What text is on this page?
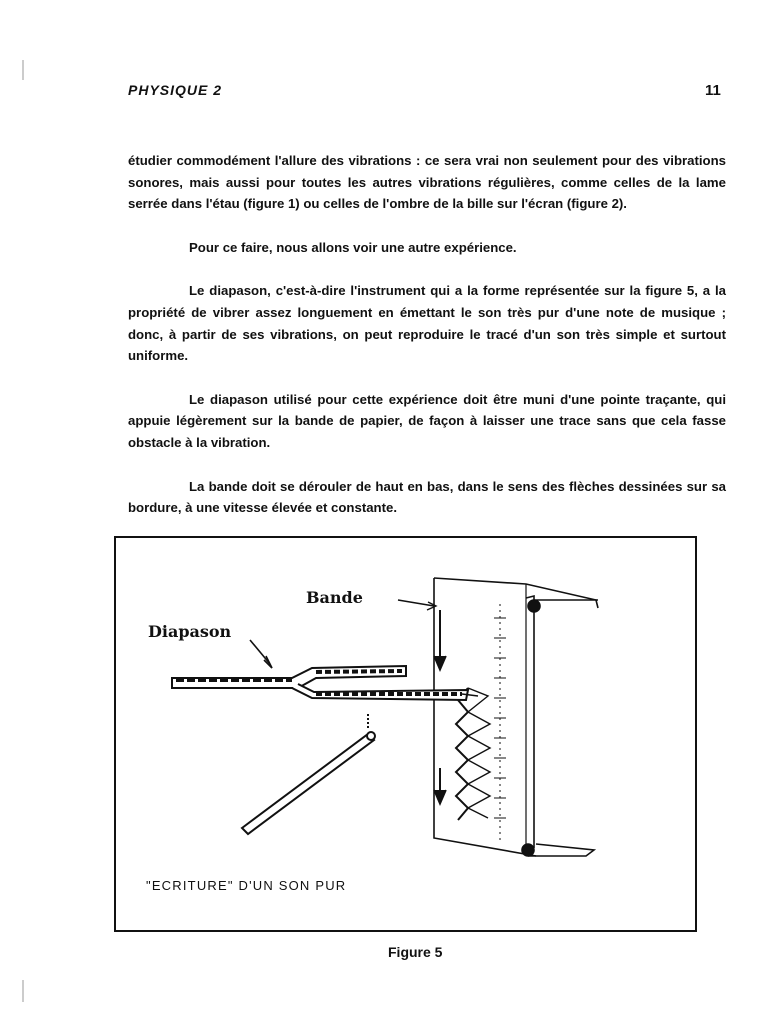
PHYSIQUE 2	11

étudier commodément l'allure des vibrations : ce sera vrai non seulement pour des vibrations sonores, mais aussi pour toutes les autres vibrations régulières, comme celles de la lame serrée dans l'étau (figure 1) ou celles de l'ombre de la bille sur l'écran (figure 2).

Pour ce faire, nous allons voir une autre expérience.

Le diapason, c'est-à-dire l'instrument qui a la forme représentée sur la figure 5, a la propriété de vibrer assez longuement en émettant le son très pur d'une note de musique ; donc, à partir de ses vibrations, on peut reproduire le tracé d'un son très simple et surtout uniforme.

Le diapason utilisé pour cette expérience doit être muni d'une pointe traçante, qui appuie légèrement sur la bande de papier, de façon à laisser une trace sans que cela fasse obstacle à la vibration.

La bande doit se dérouler de haut en bas, dans le sens des flèches dessinées sur sa bordure, à une vitesse élevée et constante.

Bande
Diapason
"ECRITURE" D'UN SON PUR
Figure 5
